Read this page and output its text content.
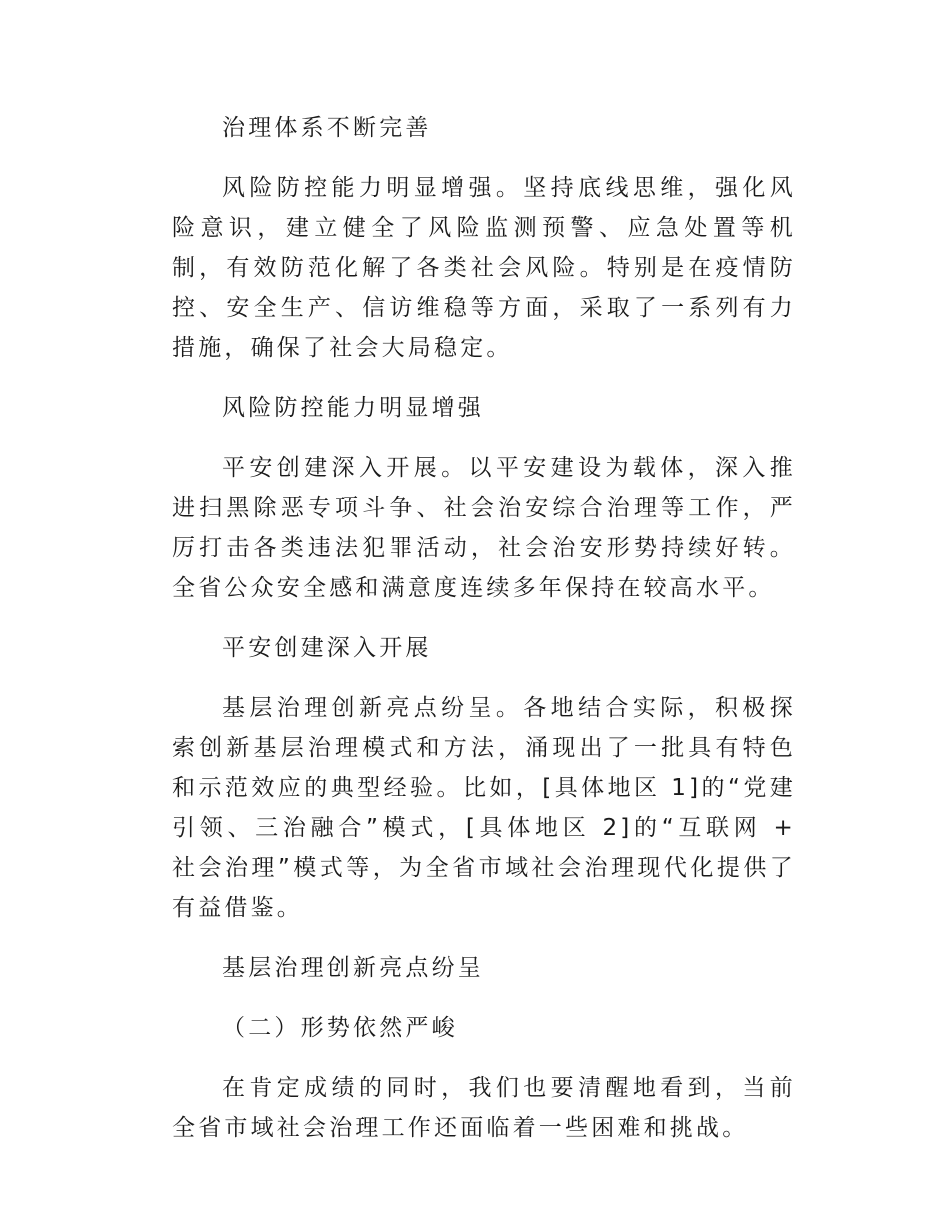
治理体系不断完善

风险防控能力明显增强。坚持底线思维，强化风险意识，建立健全了风险监测预警、应急处置等机制，有效防范化解了各类社会风险。特别是在疫情防控、安全生产、信访维稳等方面，采取了一系列有力措施，确保了社会大局稳定。

风险防控能力明显增强

平安创建深入开展。以平安建设为载体，深入推进扫黑除恶专项斗争、社会治安综合治理等工作，严厉打击各类违法犯罪活动，社会治安形势持续好转。全省公众安全感和满意度连续多年保持在较高水平。

平安创建深入开展

基层治理创新亮点纷呈。各地结合实际，积极探索创新基层治理模式和方法，涌现出了一批具有特色和示范效应的典型经验。比如，[具体地区 1]的“党建引领、三治融合”模式，[具体地区 2]的“互联网 + 社会治理”模式等，为全省市域社会治理现代化提供了有益借鉴。

基层治理创新亮点纷呈

（二）形势依然严峻

在肯定成绩的同时，我们也要清醒地看到，当前全省市域社会治理工作还面临着一些困难和挑战。
